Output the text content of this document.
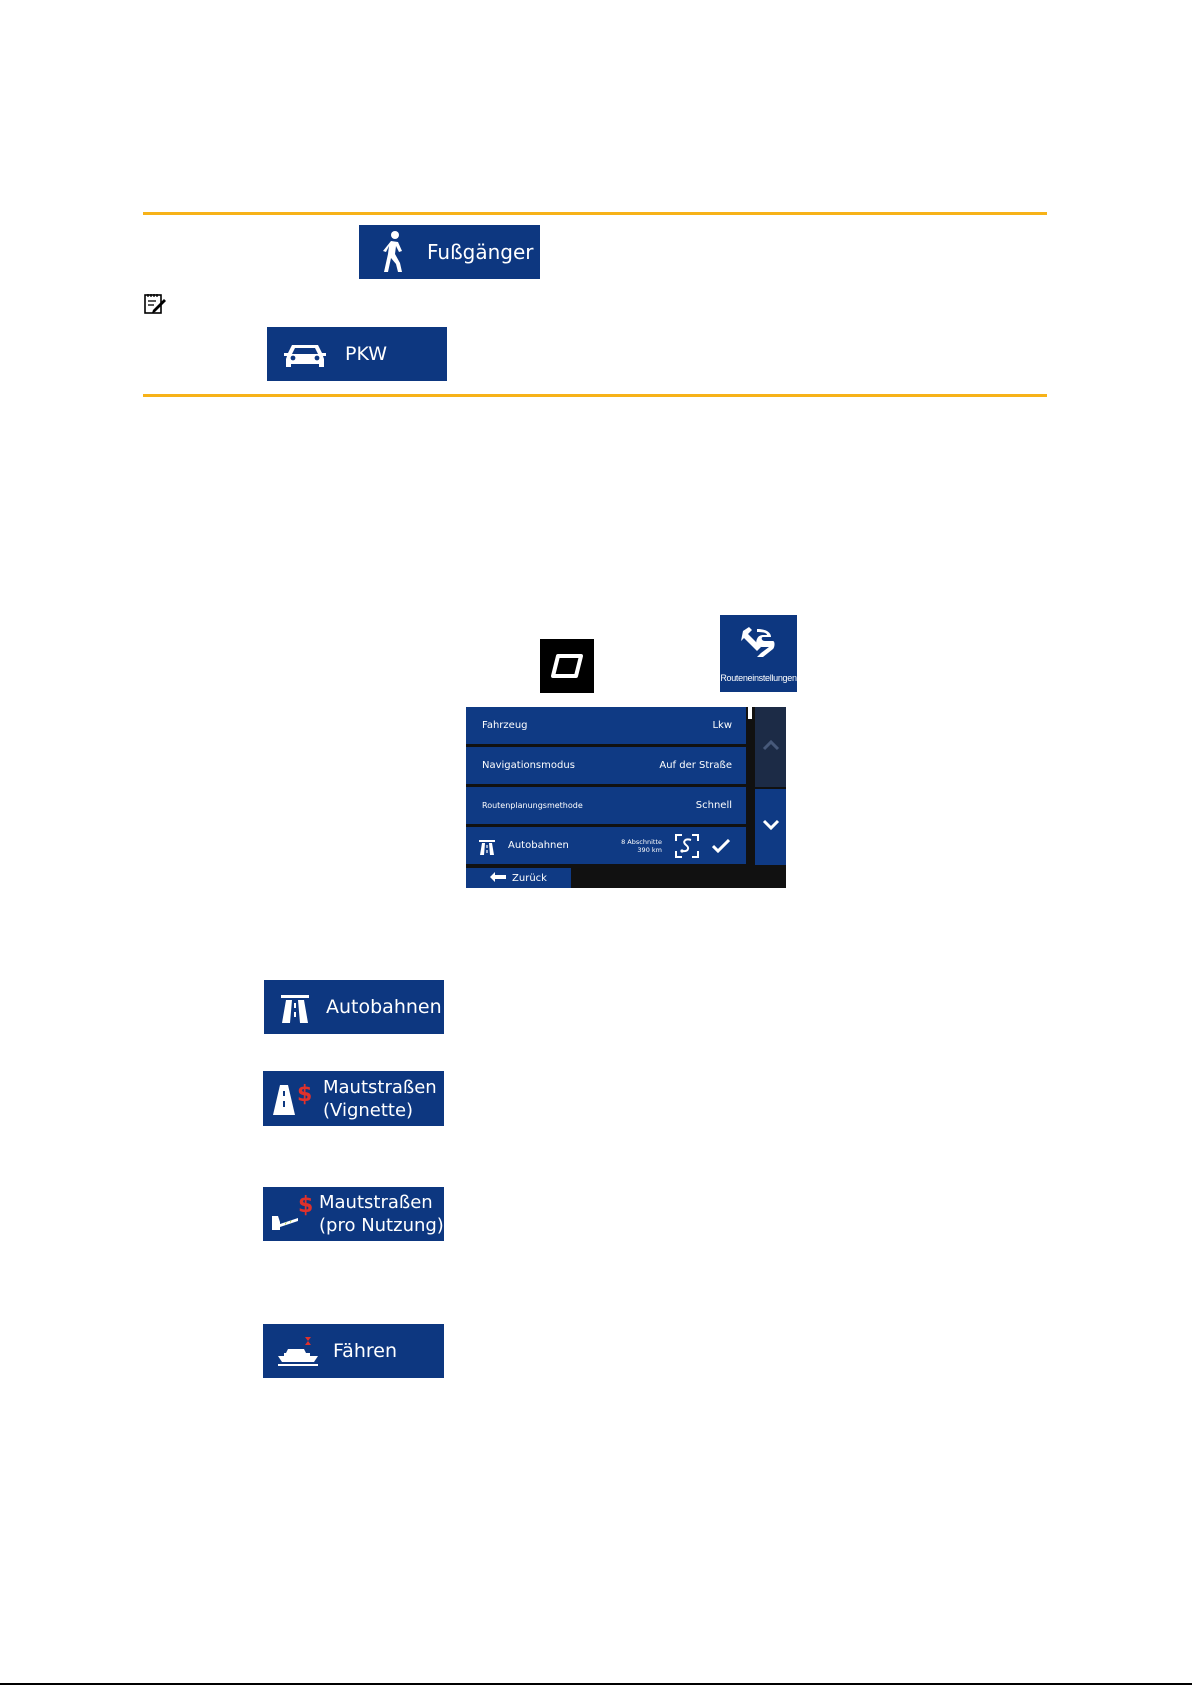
Fußgänger
PKW
Routeneinstellungen
Fahrzeug	Lkw
Navigationsmodus	Auf der Straße
Routenplanungsmethode	Schnell
Autobahnen	8 Abschnitte
390 km
Zurück
Autobahnen
$ Mautstraßen
(Vignette)
$ Mautstraßen
(pro Nutzung)
Fähren
